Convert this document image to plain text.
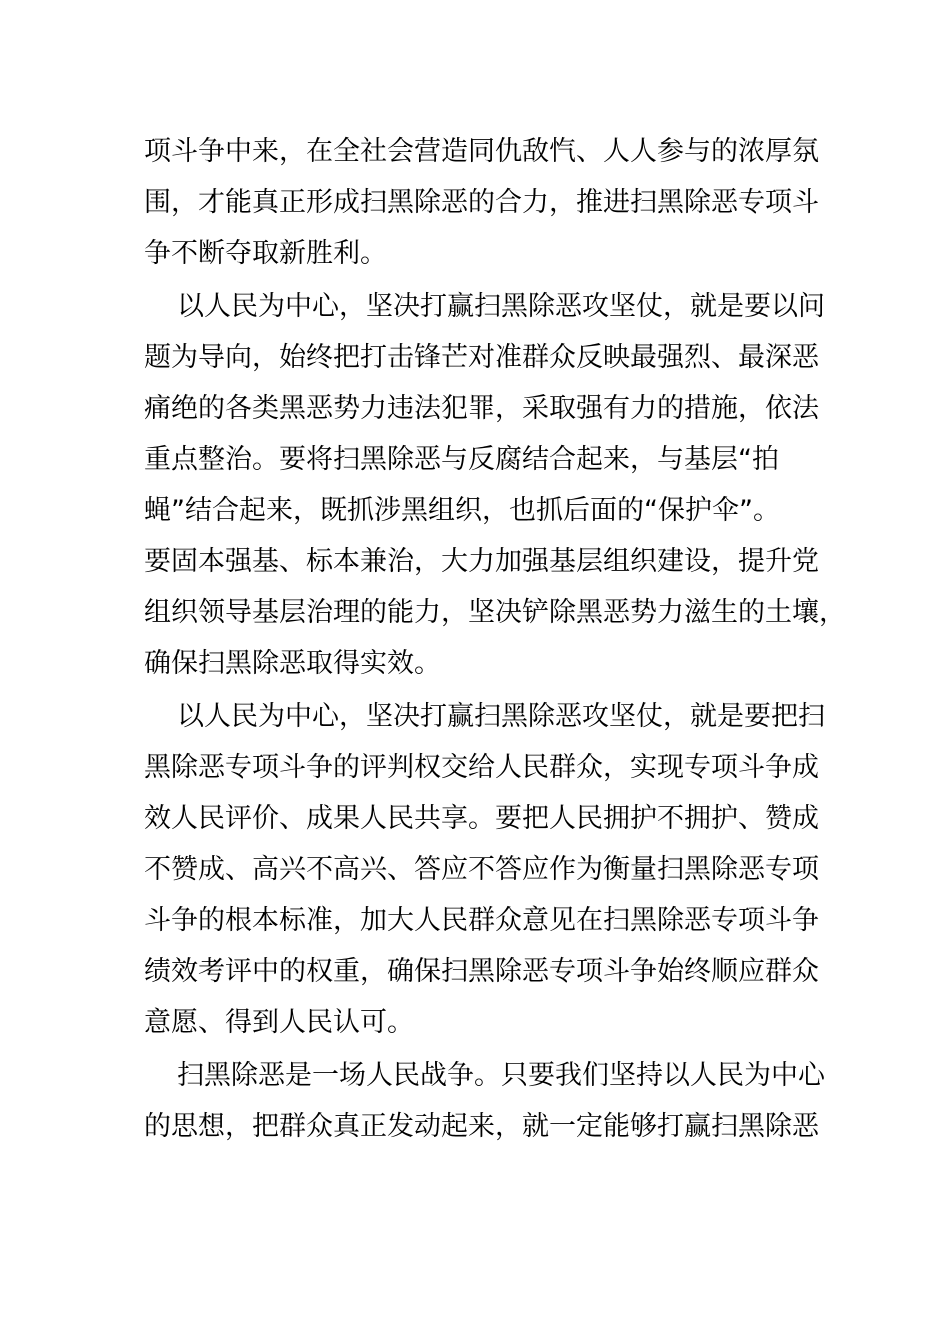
项斗争中来，在全社会营造同仇敌忾、人人参与的浓厚氛
围，才能真正形成扫黑除恶的合力，推进扫黑除恶专项斗
争不断夺取新胜利。
以人民为中心，坚决打赢扫黑除恶攻坚仗，就是要以问
题为导向，始终把打击锋芒对准群众反映最强烈、最深恶
痛绝的各类黑恶势力违法犯罪，采取强有力的措施，依法
重点整治。要将扫黑除恶与反腐结合起来，与基层“拍
蝇”结合起来，既抓涉黑组织，也抓后面的“保护伞”。
要固本强基、标本兼治，大力加强基层组织建设，提升党
组织领导基层治理的能力，坚决铲除黑恶势力滋生的土壤，
确保扫黑除恶取得实效。
以人民为中心，坚决打赢扫黑除恶攻坚仗，就是要把扫
黑除恶专项斗争的评判权交给人民群众，实现专项斗争成
效人民评价、成果人民共享。要把人民拥护不拥护、赞成
不赞成、高兴不高兴、答应不答应作为衡量扫黑除恶专项
斗争的根本标准，加大人民群众意见在扫黑除恶专项斗争
绩效考评中的权重，确保扫黑除恶专项斗争始终顺应群众
意愿、得到人民认可。
扫黑除恶是一场人民战争。只要我们坚持以人民为中心
的思想，把群众真正发动起来，就一定能够打赢扫黑除恶
